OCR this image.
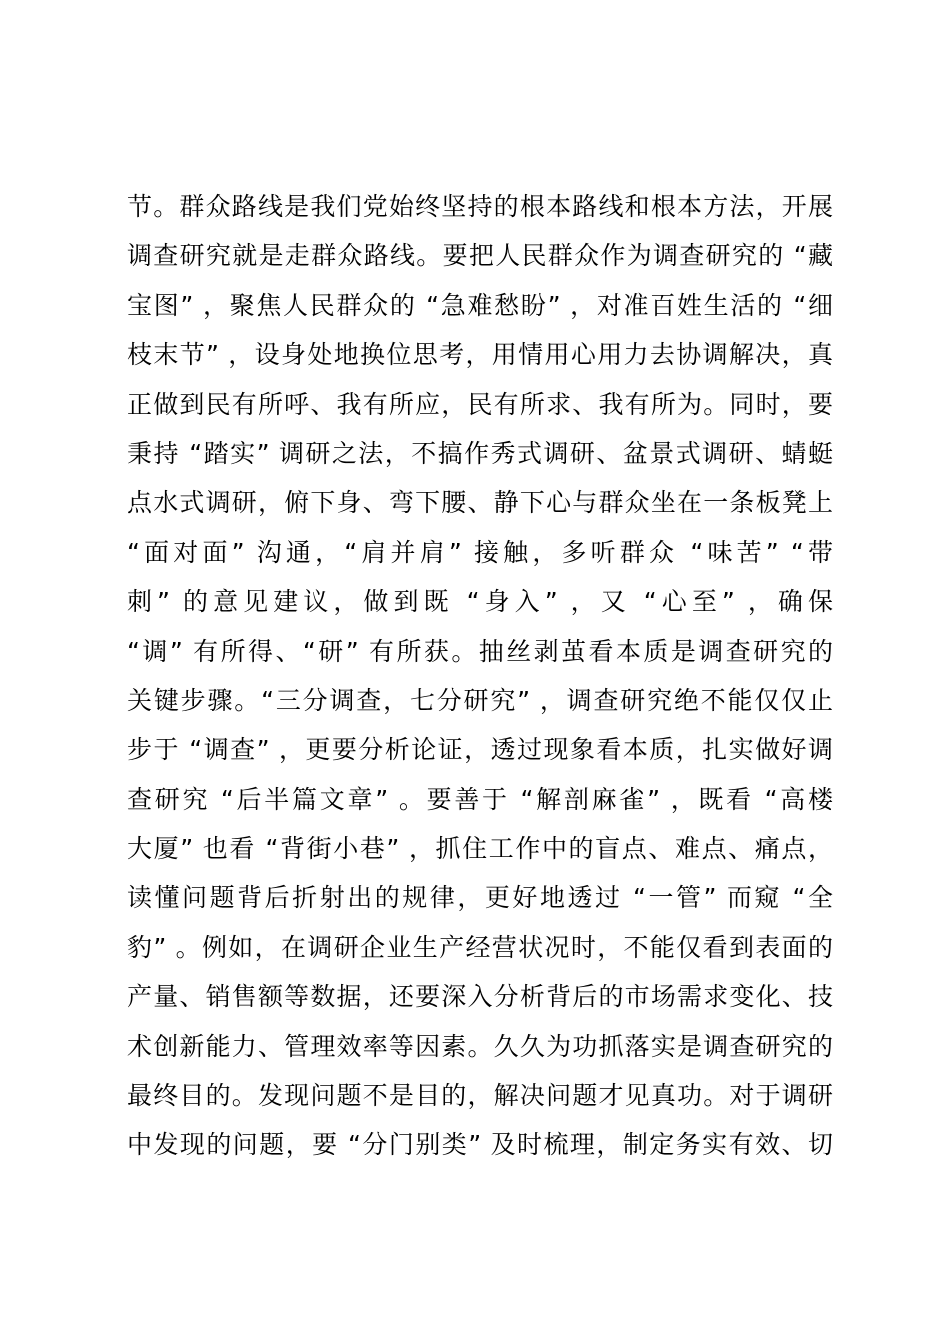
节。群众路线是我们党始终坚持的根本路线和根本方法，开展
调查研究就是走群众路线。要把人民群众作为调查研究的 “藏
宝图” ，聚焦人民群众的 “急难愁盼” ，对准百姓生活的 “细
枝末节” ，设身处地换位思考，用情用心用力去协调解决，真
正做到民有所呼、我有所应，民有所求、我有所为。同时，要
秉持 “踏实” 调研之法，不搞作秀式调研、盆景式调研、蜻蜓
点水式调研，俯下身、弯下腰、静下心与群众坐在一条板凳上
“面对面” 沟通，“肩并肩” 接触，多听群众 “味苦” “带
刺” 的意见建议，做到既 “身入” ，又 “心至” ，确保
“调” 有所得、“研” 有所获。抽丝剥茧看本质是调查研究的
关键步骤。“三分调查，七分研究” ，调查研究绝不能仅仅止
步于 “调查” ，更要分析论证，透过现象看本质，扎实做好调
查研究 “后半篇文章” 。要善于 “解剖麻雀” ，既看 “高楼
大厦” 也看 “背街小巷” ，抓住工作中的盲点、难点、痛点，
读懂问题背后折射出的规律，更好地透过 “一管” 而窥 “全
豹” 。例如，在调研企业生产经营状况时，不能仅看到表面的
产量、销售额等数据，还要深入分析背后的市场需求变化、技
术创新能力、管理效率等因素。久久为功抓落实是调查研究的
最终目的。发现问题不是目的，解决问题才见真功。对于调研
中发现的问题，要 “分门别类” 及时梳理，制定务实有效、切
